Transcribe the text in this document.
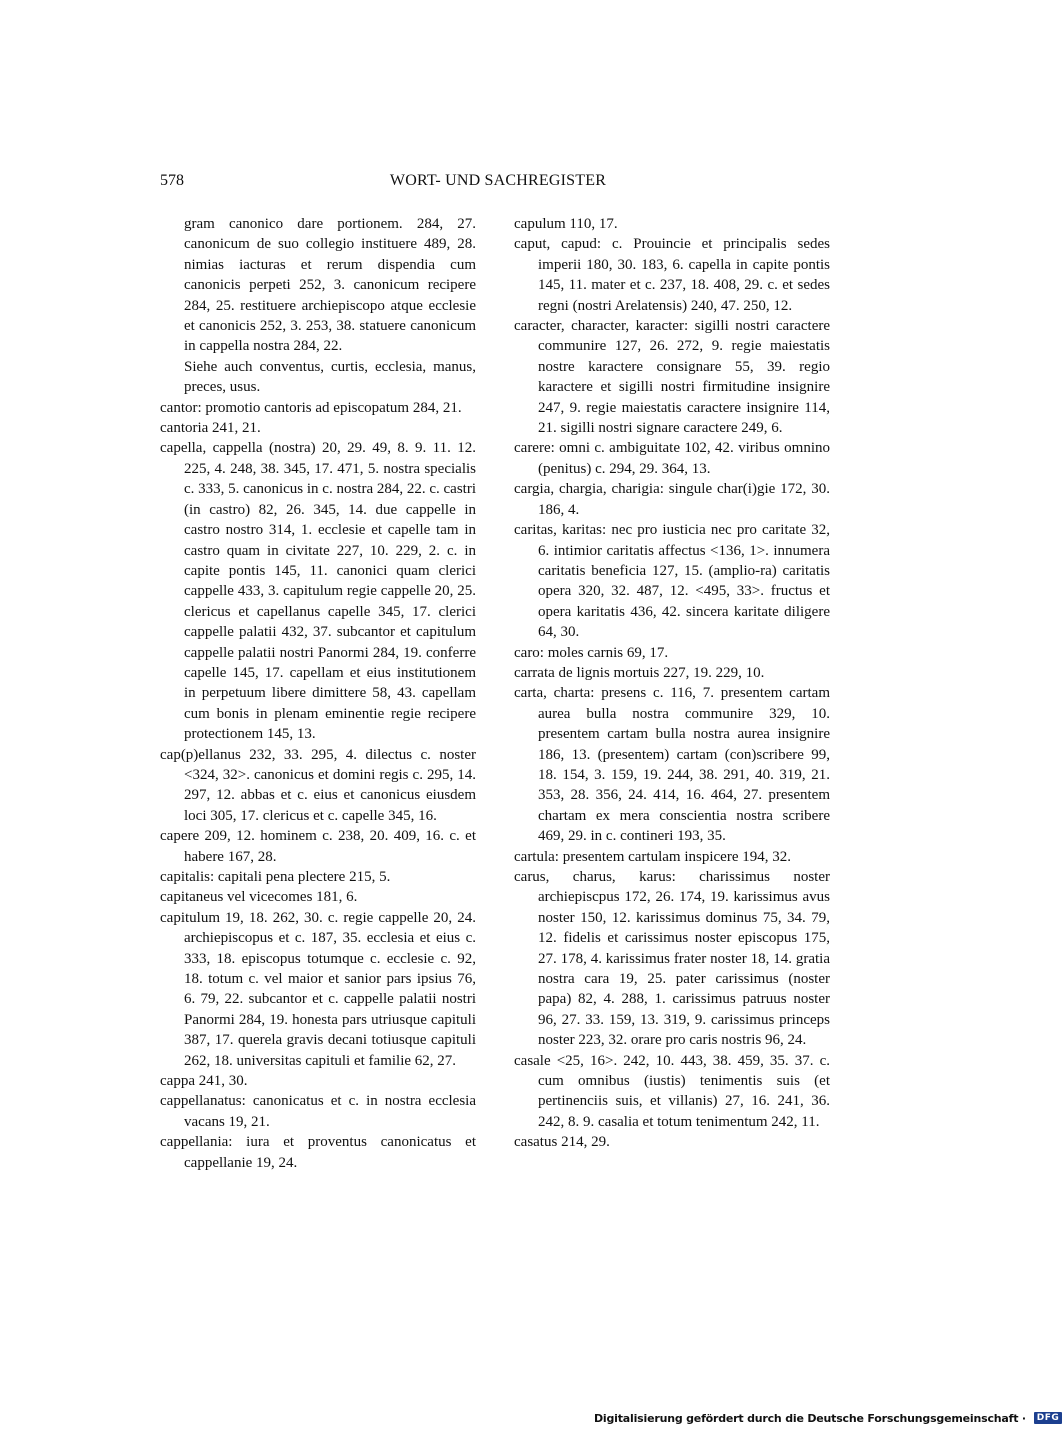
578	WORT- UND SACHREGISTER
gram canonico dare portionem. 284, 27. canonicum de suo collegio instituere 489, 28. nimias iacturas et rerum dispendia cum canonicis perpeti 252, 3. canonicum recipere 284, 25. restituere archiepiscopo atque ecclesie et canonicis 252, 3. 253, 38. statuere canonicum in cappella nostra 284, 22.
Siehe auch conventus, curtis, ecclesia, manus, preces, usus.
cantor: promotio cantoris ad episcopatum 284, 21.
cantoria 241, 21.
capella, cappella (nostra) 20, 29. 49, 8. 9. 11. 12. 225, 4. 248, 38. 345, 17. 471, 5. nostra specialis c. 333, 5. canonicus in c. nostra 284, 22. c. castri (in castro) 82, 26. 345, 14. due cappelle in castro nostro 314, 1. ecclesie et capelle tam in castro quam in civitate 227, 10. 229, 2. c. in capite pontis 145, 11. canonici quam clerici cappelle 433, 3. capitulum regie cappelle 20, 25. clericus et capellanus capelle 345, 17. clerici cappelle palatii 432, 37. subcantor et capitulum cappelle palatii nostri Panormi 284, 19. conferre capelle 145, 17. capellam et eius institutionem in perpetuum libere dimittere 58, 43. capellam cum bonis in plenam eminentie regie recipere protectionem 145, 13.
cap(p)ellanus 232, 33. 295, 4. dilectus c. noster <324, 32>. canonicus et domini regis c. 295, 14. 297, 12. abbas et c. eius et canonicus eiusdem loci 305, 17. clericus et c. capelle 345, 16.
capere 209, 12. hominem c. 238, 20. 409, 16. c. et habere 167, 28.
capitalis: capitali pena plectere 215, 5.
capitaneus vel vicecomes 181, 6.
capitulum 19, 18. 262, 30. c. regie cappelle 20, 24. archiepiscopus et c. 187, 35. ecclesia et eius c. 333, 18. episcopus totumque c. ecclesie c. 92, 18. totum c. vel maior et sanior pars ipsius 76, 6. 79, 22. subcantor et c. cappelle palatii nostri Panormi 284, 19. honesta pars utriusque capituli 387, 17. querela gravis decani totiusque capituli 262, 18. universitas capituli et familie 62, 27.
cappa 241, 30.
cappellanatus: canonicatus et c. in nostra ecclesia vacans 19, 21.
cappellania: iura et proventus canonicatus et cappellanie 19, 24.
capulum 110, 17.
caput, capud: c. Prouincie et principalis sedes imperii 180, 30. 183, 6. capella in capite pontis 145, 11. mater et c. 237, 18. 408, 29. c. et sedes regni (nostri Arelatensis) 240, 47. 250, 12.
caracter, character, karacter: sigilli nostri caractere communire 127, 26. 272, 9. regie maiestatis nostre karactere consignare 55, 39. regio karactere et sigilli nostri firmitudine insignire 247, 9. regie maiestatis caractere insignire 114, 21. sigilli nostri signare caractere 249, 6.
carere: omni c. ambiguitate 102, 42. viribus omnino (penitus) c. 294, 29. 364, 13.
cargia, chargia, charigia: singule char(i)gie 172, 30. 186, 4.
caritas, karitas: nec pro iusticia nec pro caritate 32, 6. intimior caritatis affectus <136, 1>. innumera caritatis beneficia 127, 15. (amplio-ra) caritatis opera 320, 32. 487, 12. <495, 33>. fructus et opera karitatis 436, 42. sincera karitate diligere 64, 30.
caro: moles carnis 69, 17.
carrata de lignis mortuis 227, 19. 229, 10.
carta, charta: presens c. 116, 7. presentem cartam aurea bulla nostra communire 329, 10. presentem cartam bulla nostra aurea insignire 186, 13. (presentem) cartam (con)scribere 99, 18. 154, 3. 159, 19. 244, 38. 291, 40. 319, 21. 353, 28. 356, 24. 414, 16. 464, 27. presentem chartam ex mera conscientia nostra scribere 469, 29. in c. contineri 193, 35.
cartula: presentem cartulam inspicere 194, 32.
carus, charus, karus: charissimus noster archiepiscpus 172, 26. 174, 19. karissimus avus noster 150, 12. karissimus dominus 75, 34. 79, 12. fidelis et carissimus noster episcopus 175, 27. 178, 4. karissimus frater noster 18, 14. gratia nostra cara 19, 25. pater carissimus (noster papa) 82, 4. 288, 1. carissimus patruus noster 96, 27. 33. 159, 13. 319, 9. carissimus princeps noster 223, 32. orare pro caris nostris 96, 24.
casale <25, 16>. 242, 10. 443, 38. 459, 35. 37. c. cum omnibus (iustis) tenimentis suis (et pertinenciis suis, et villanis) 27, 16. 241, 36. 242, 8. 9. casalia et totum tenimentum 242, 11.
casatus 214, 29.
Digitalisierung gefördert durch die Deutsche Forschungsgemeinschaft · DFG
